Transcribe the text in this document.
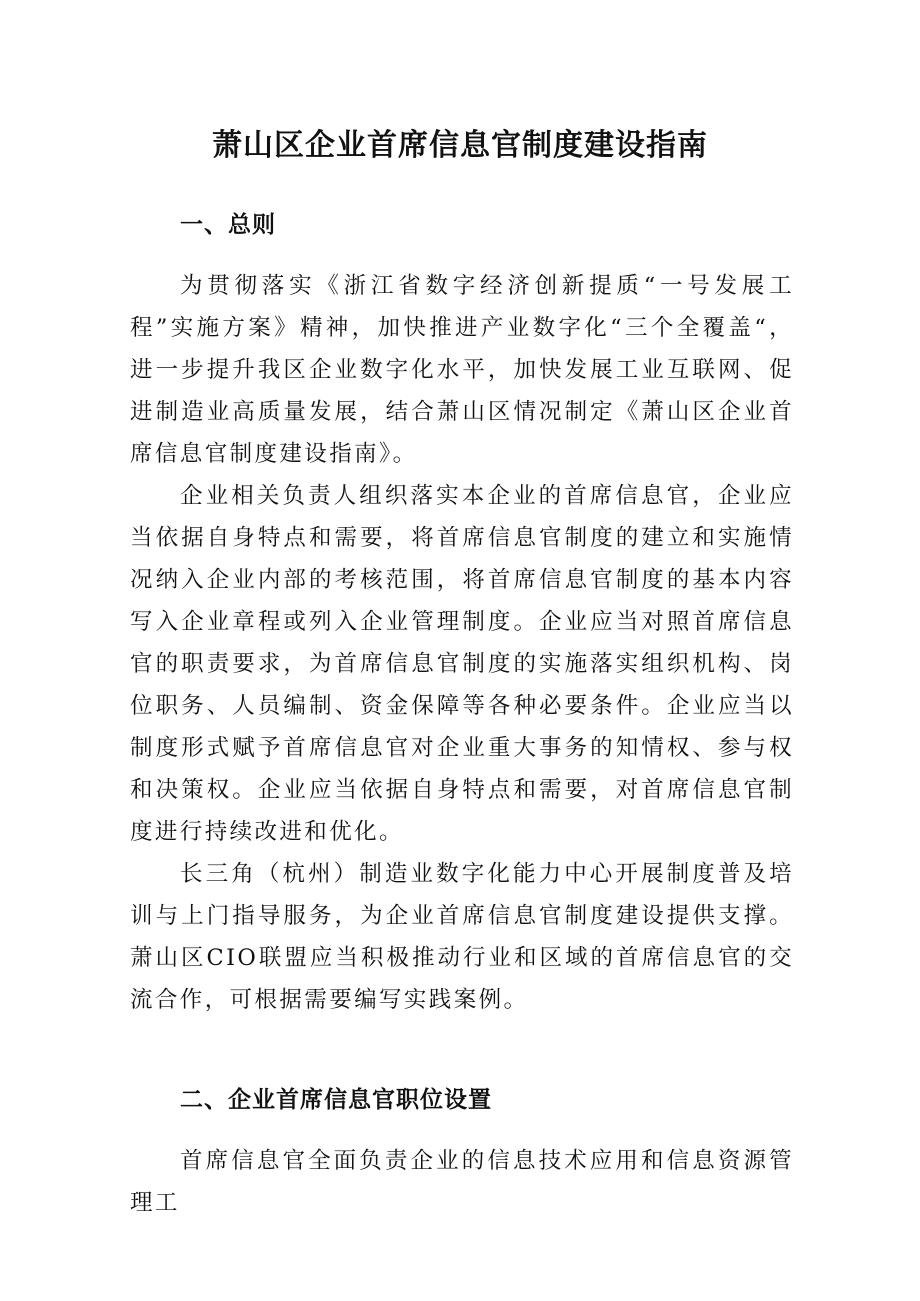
萧山区企业首席信息官制度建设指南
一、总则

为贯彻落实《浙江省数字经济创新提质“一号发展工程”实施方案》精神，加快推进产业数字化“三个全覆盖“，进一步提升我区企业数字化水平，加快发展工业互联网、促进制造业高质量发展，结合萧山区情况制定《萧山区企业首席信息官制度建设指南》。

企业相关负责人组织落实本企业的首席信息官，企业应当依据自身特点和需要，将首席信息官制度的建立和实施情况纳入企业内部的考核范围，将首席信息官制度的基本内容写入企业章程或列入企业管理制度。企业应当对照首席信息官的职责要求，为首席信息官制度的实施落实组织机构、岗位职务、人员编制、资金保障等各种必要条件。企业应当以制度形式赋予首席信息官对企业重大事务的知情权、参与权和决策权。企业应当依据自身特点和需要，对首席信息官制度进行持续改进和优化。

长三角（杭州）制造业数字化能力中心开展制度普及培训与上门指导服务，为企业首席信息官制度建设提供支撑。萧山区CIO联盟应当积极推动行业和区域的首席信息官的交流合作，可根据需要编写实践案例。

二、企业首席信息官职位设置

首席信息官全面负责企业的信息技术应用和信息资源管理工
